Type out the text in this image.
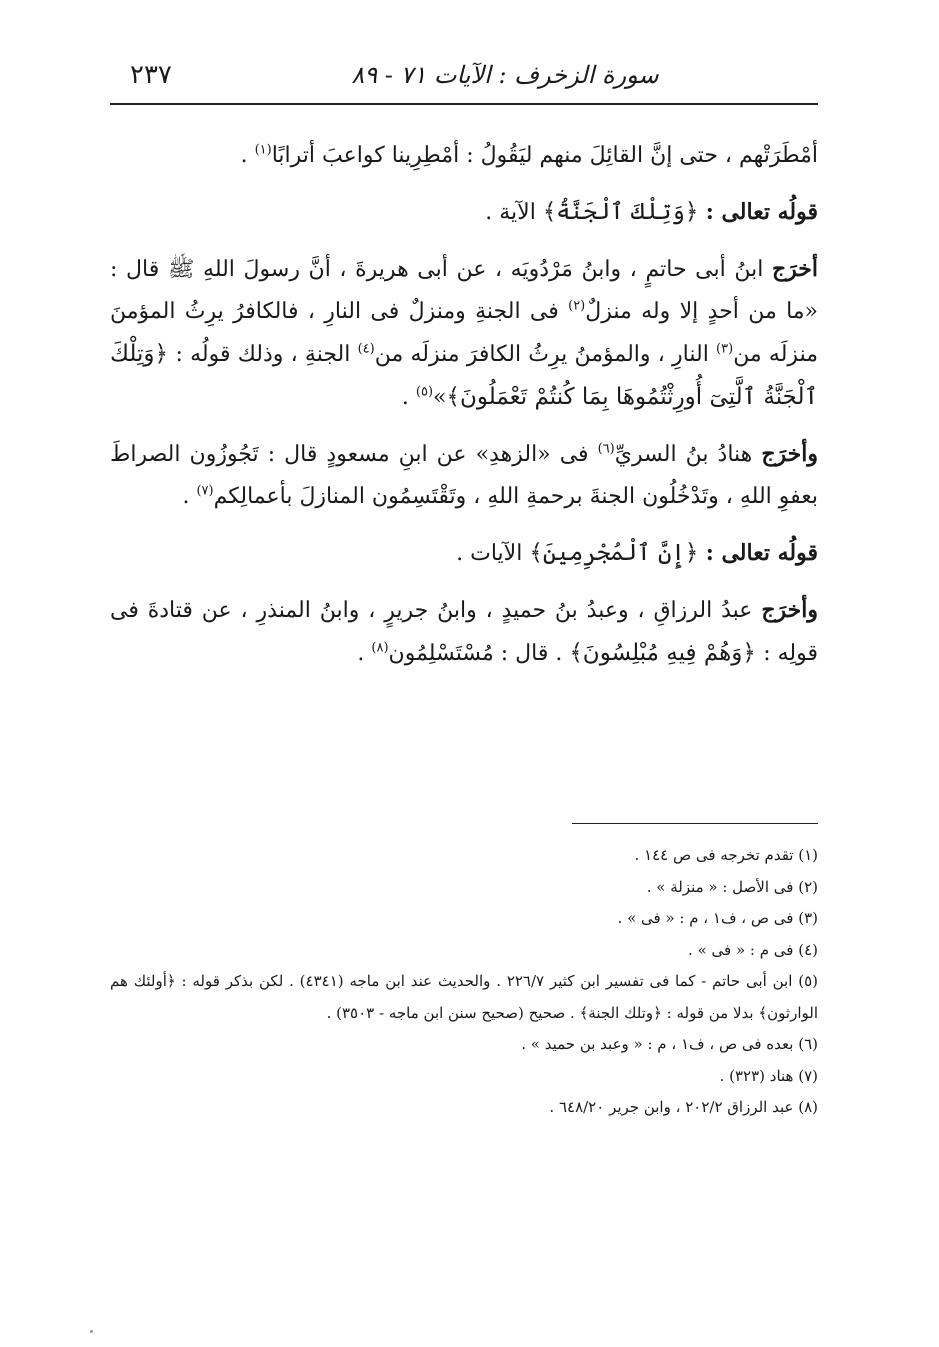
٢٣٧	سورة الزخرف : الآيات ٧١ - ٨٩

أمْطَرَتْهم ، حتى إنَّ القائِلَ منهم ليَقُولُ : أمْطِرِينا كواعبَ أترابًا$^{(١)}$ .

قولُه تعالى : ﴿وَتِلْكَ ٱلْجَنَّةُ﴾ الآية .

أخرَج ابنُ أبى حاتمٍ ، وابنُ مَرْدُويَه ، عن أبى هريرةَ ، أنَّ رسولَ اللهِ ﷺ قال : «ما من أحدٍ إلا وله منزلٌ$^{(٢)}$ فى الجنةِ ومنزلٌ فى النارِ ، فالكافرُ يرِثُ المؤمنَ منزلَه من$^{(٣)}$ النارِ ، والمؤمنُ يرِثُ الكافرَ منزلَه من$^{(٤)}$ الجنةِ ، وذلك قولُه : ﴿وَتِلْكَ ٱلْجَنَّةُ ٱلَّتِىٓ أُورِثْتُمُوهَا بِمَا كُنتُمْ تَعْمَلُونَ﴾»$^{(٥)}$ .

وأخرَج هنادُ بنُ السريِّ$^{(٦)}$ فى «الزهدِ» عن ابنِ مسعودٍ قال : تَجُوزُون الصراطَ بعفوِ اللهِ ، وتَدْخُلُون الجنةَ برحمةِ اللهِ ، وتَقْتَسِمُون المنازلَ بأعمالِكم$^{(٧)}$ .

قولُه تعالى : ﴿إِنَّ ٱلْمُجْرِمِينَ﴾ الآيات .

وأخرَج عبدُ الرزاقِ ، وعبدُ بنُ حميدٍ ، وابنُ جريرٍ ، وابنُ المنذرِ ، عن قتادةَ فى قولِه : ﴿وَهُمْ فِيهِ مُبْلِسُونَ﴾ . قال : مُسْتَسْلِمُون$^{(٨)}$ .

(١) تقدم تخرجه فى ص ١٤٤ .

(٢) فى الأصل : « منزلة » .

(٣) فى ص ، ف١ ، م : « فى » .

(٤) فى م : « فى » .

(٥) ابن أبى حاتم - كما فى تفسير ابن كثير ٢٢٦/٧ . والحديث عند ابن ماجه (٤٣٤١) . لكن بذكر قوله : ﴿أولئك هم الوارثون﴾ بدلا من قوله : ﴿وتلك الجنة﴾ . صحيح (صحيح سنن ابن ماجه - ٣٥٠٣) .

(٦) بعده فى ص ، ف١ ، م : « وعبد بن حميد » .

(٧) هناد (٣٢٣) .

(٨) عبد الرزاق ٢٠٢/٢ ، وابن جرير ٦٤٨/٢٠ .
